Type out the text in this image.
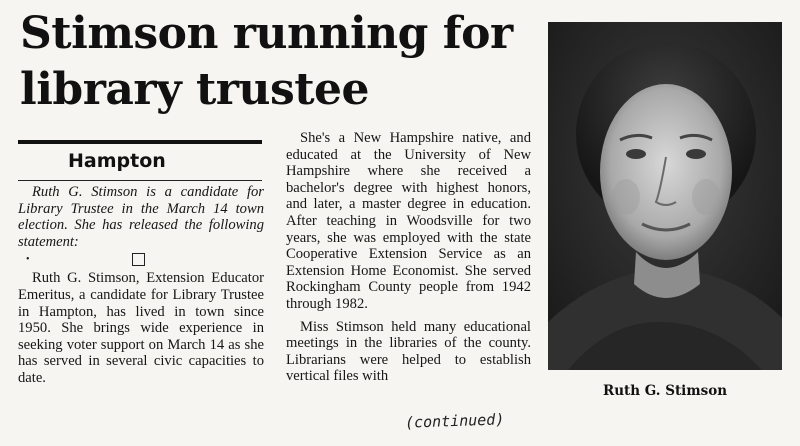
Stimson running for library trustee
Hampton

Ruth G. Stimson is a candidate for Library Trustee in the March 14 town election. She has released the following statement:

•

Ruth G. Stimson, Extension Educator Emeritus, a candidate for Library Trustee in Hampton, has lived in town since 1950. She brings wide experience in seeking voter support on March 14 as she has served in several civic capacities to date.

She's a New Hampshire native, and educated at the University of New Hampshire where she received a bachelor's degree with highest honors, and later, a master degree in education. After teaching in Woodsville for two years, she was employed with the state Cooperative Extension Service as an Extension Home Economist. She served Rockingham County people from 1942 through 1982.

Miss Stimson held many educational meetings in the libraries of the county. Librarians were helped to establish vertical files with

(continued)
Ruth G. Stimson
